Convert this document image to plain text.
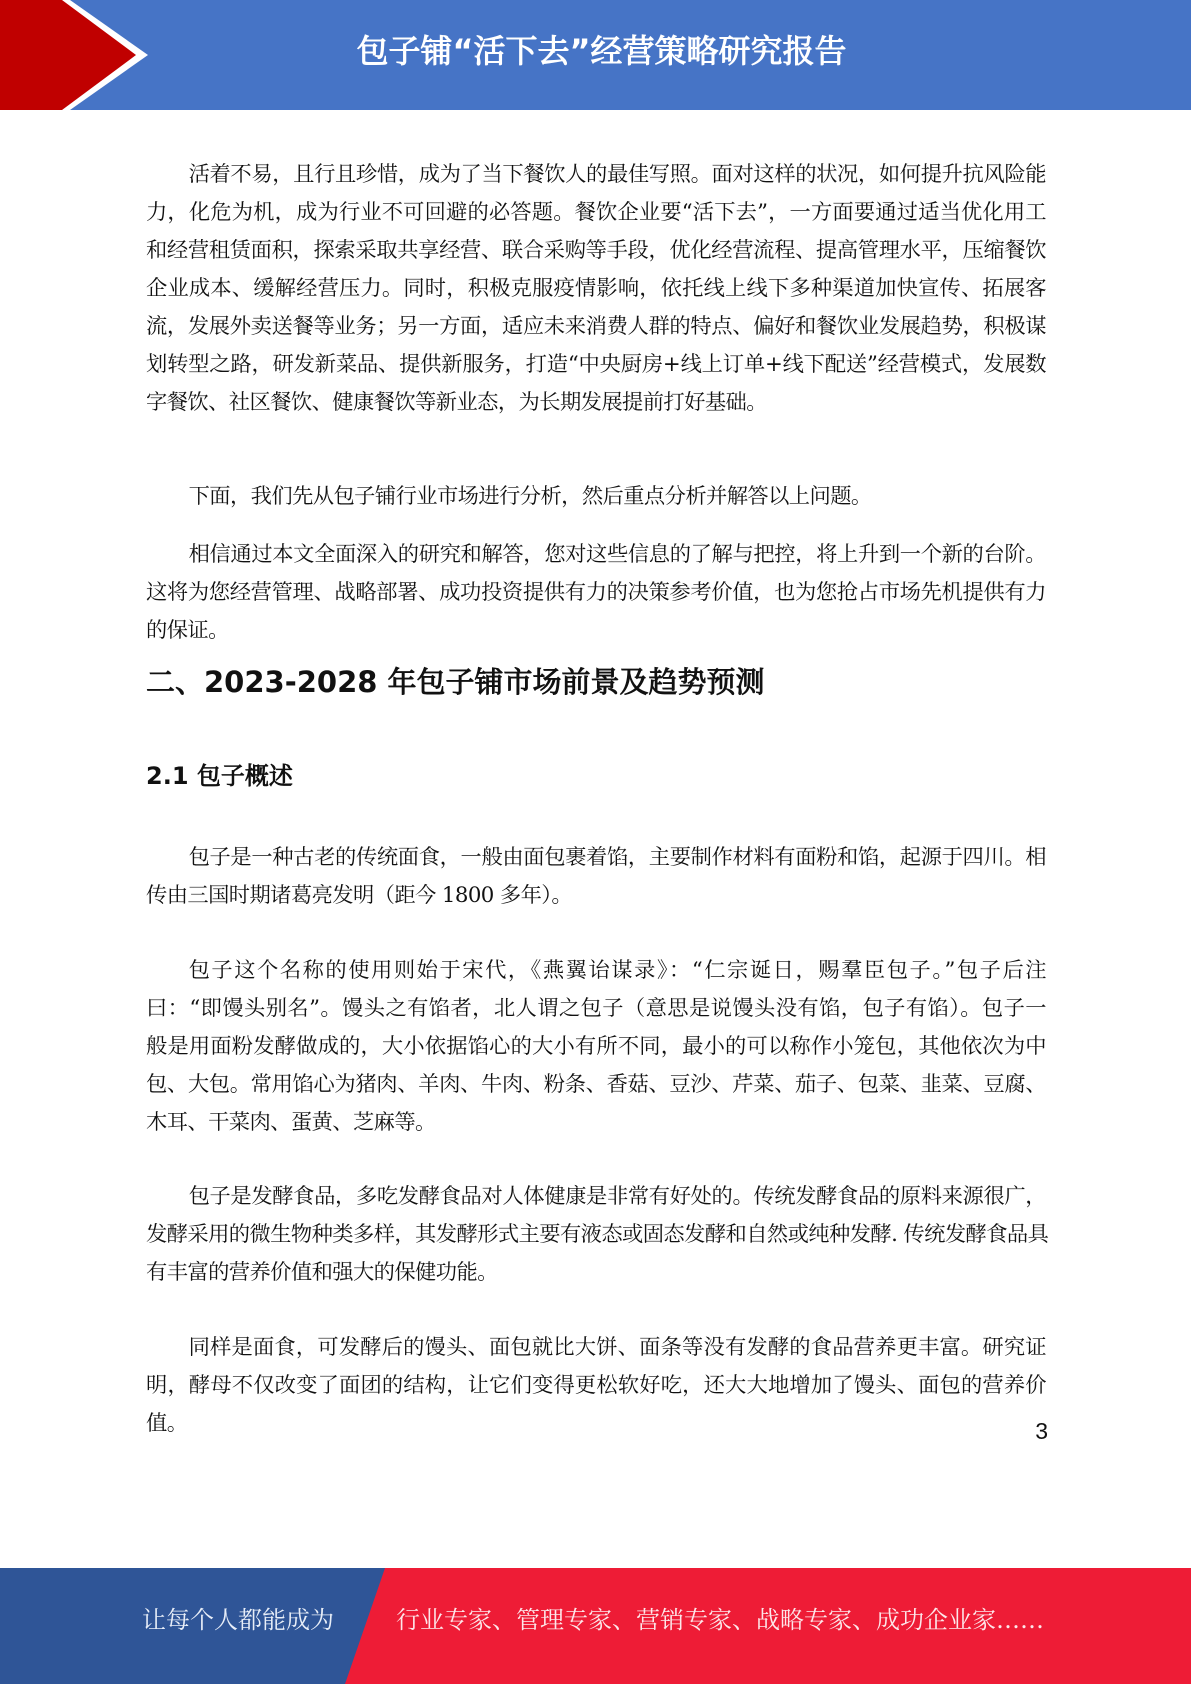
包子铺“活下去”经营策略研究报告
活着不易，且行且珍惜，成为了当下餐饮人的最佳写照。面对这样的状况，如何提升抗风险能
力，化危为机，成为行业不可回避的必答题。餐饮企业要“活下去”，一方面要通过适当优化用工
和经营租赁面积，探索采取共享经营、联合采购等手段，优化经营流程、提高管理水平，压缩餐饮
企业成本、缓解经营压力。同时，积极克服疫情影响，依托线上线下多种渠道加快宣传、拓展客
流，发展外卖送餐等业务；另一方面，适应未来消费人群的特点、偏好和餐饮业发展趋势，积极谋
划转型之路，研发新菜品、提供新服务，打造“中央厨房+线上订单+线下配送”经营模式，发展数
字餐饮、社区餐饮、健康餐饮等新业态，为长期发展提前打好基础。
下面，我们先从包子铺行业市场进行分析，然后重点分析并解答以上问题。
相信通过本文全面深入的研究和解答，您对这些信息的了解与把控，将上升到一个新的台阶。
这将为您经营管理、战略部署、成功投资提供有力的决策参考价值，也为您抢占市场先机提供有力
的保证。
二、2023-2028 年包子铺市场前景及趋势预测
2.1 包子概述
包子是一种古老的传统面食，一般由面包裹着馅，主要制作材料有面粉和馅，起源于四川。相
传由三国时期诸葛亮发明（距今 1800 多年）。
包子这个名称的使用则始于宋代，《燕翼诒谋录》：“仁宗诞日，赐羣臣包子。”包子后注
曰：“即馒头别名”。馒头之有馅者，北人谓之包子（意思是说馒头没有馅，包子有馅）。包子一
般是用面粉发酵做成的，大小依据馅心的大小有所不同，最小的可以称作小笼包，其他依次为中
包、大包。常用馅心为猪肉、羊肉、牛肉、粉条、香菇、豆沙、芹菜、茄子、包菜、韭菜、豆腐、
木耳、干菜肉、蛋黄、芝麻等。
包子是发酵食品，多吃发酵食品对人体健康是非常有好处的。传统发酵食品的原料来源很广，
发酵采用的微生物种类多样，其发酵形式主要有液态或固态发酵和自然或纯种发酵. 传统发酵食品具
有丰富的营养价值和强大的保健功能。
同样是面食，可发酵后的馒头、面包就比大饼、面条等没有发酵的食品营养更丰富。研究证
明，酵母不仅改变了面团的结构，让它们变得更松软好吃，还大大地增加了馒头、面包的营养价
值。	3
让每个人都能成为	行业专家、管理专家、营销专家、战略专家、成功企业家……
